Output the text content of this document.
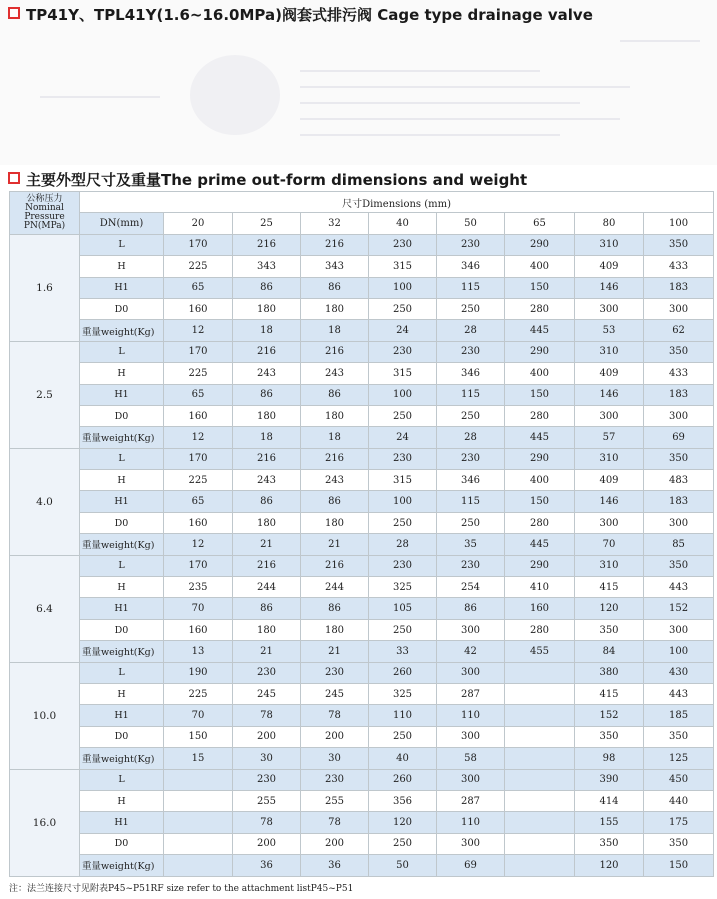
TP41Y、TPL41Y(1.6~16.0MPa)阀套式排污阀 Cage type drainage valve
主要外型尺寸及重量The prime out-form dimensions and weight
公称压力
Nominal
Pressure
PN(MPa)	尺寸Dimensions (mm)								
	DN(mm)	20	25	32	40	50	65	80	100
1.6	L	170	216	216	230	230	290	310	350
	H	225	343	343	315	346	400	409	433
	H1	65	86	86	100	115	150	146	183
	D0	160	180	180	250	250	280	300	300
	重量weight(Kg)	12	18	18	24	28	445	53	62
2.5	L	170	216	216	230	230	290	310	350
	H	225	243	243	315	346	400	409	433
	H1	65	86	86	100	115	150	146	183
	D0	160	180	180	250	250	280	300	300
	重量weight(Kg)	12	18	18	24	28	445	57	69
4.0	L	170	216	216	230	230	290	310	350
	H	225	243	243	315	346	400	409	483
	H1	65	86	86	100	115	150	146	183
	D0	160	180	180	250	250	280	300	300
	重量weight(Kg)	12	21	21	28	35	445	70	85
6.4	L	170	216	216	230	230	290	310	350
	H	235	244	244	325	254	410	415	443
	H1	70	86	86	105	86	160	120	152
	D0	160	180	180	250	300	280	350	300
	重量weight(Kg)	13	21	21	33	42	455	84	100
10.0	L	190	230	230	260	300		380	430
	H	225	245	245	325	287		415	443
	H1	70	78	78	110	110		152	185
	D0	150	200	200	250	300		350	350
	重量weight(Kg)	15	30	30	40	58		98	125
16.0	L		230	230	260	300		390	450
	H		255	255	356	287		414	440
	H1		78	78	120	110		155	175
	D0		200	200	250	300		350	350
	重量weight(Kg)		36	36	50	69		120	150

注：法兰连接尺寸见附表P45~P51RF size refer to the attachment listP45~P51
